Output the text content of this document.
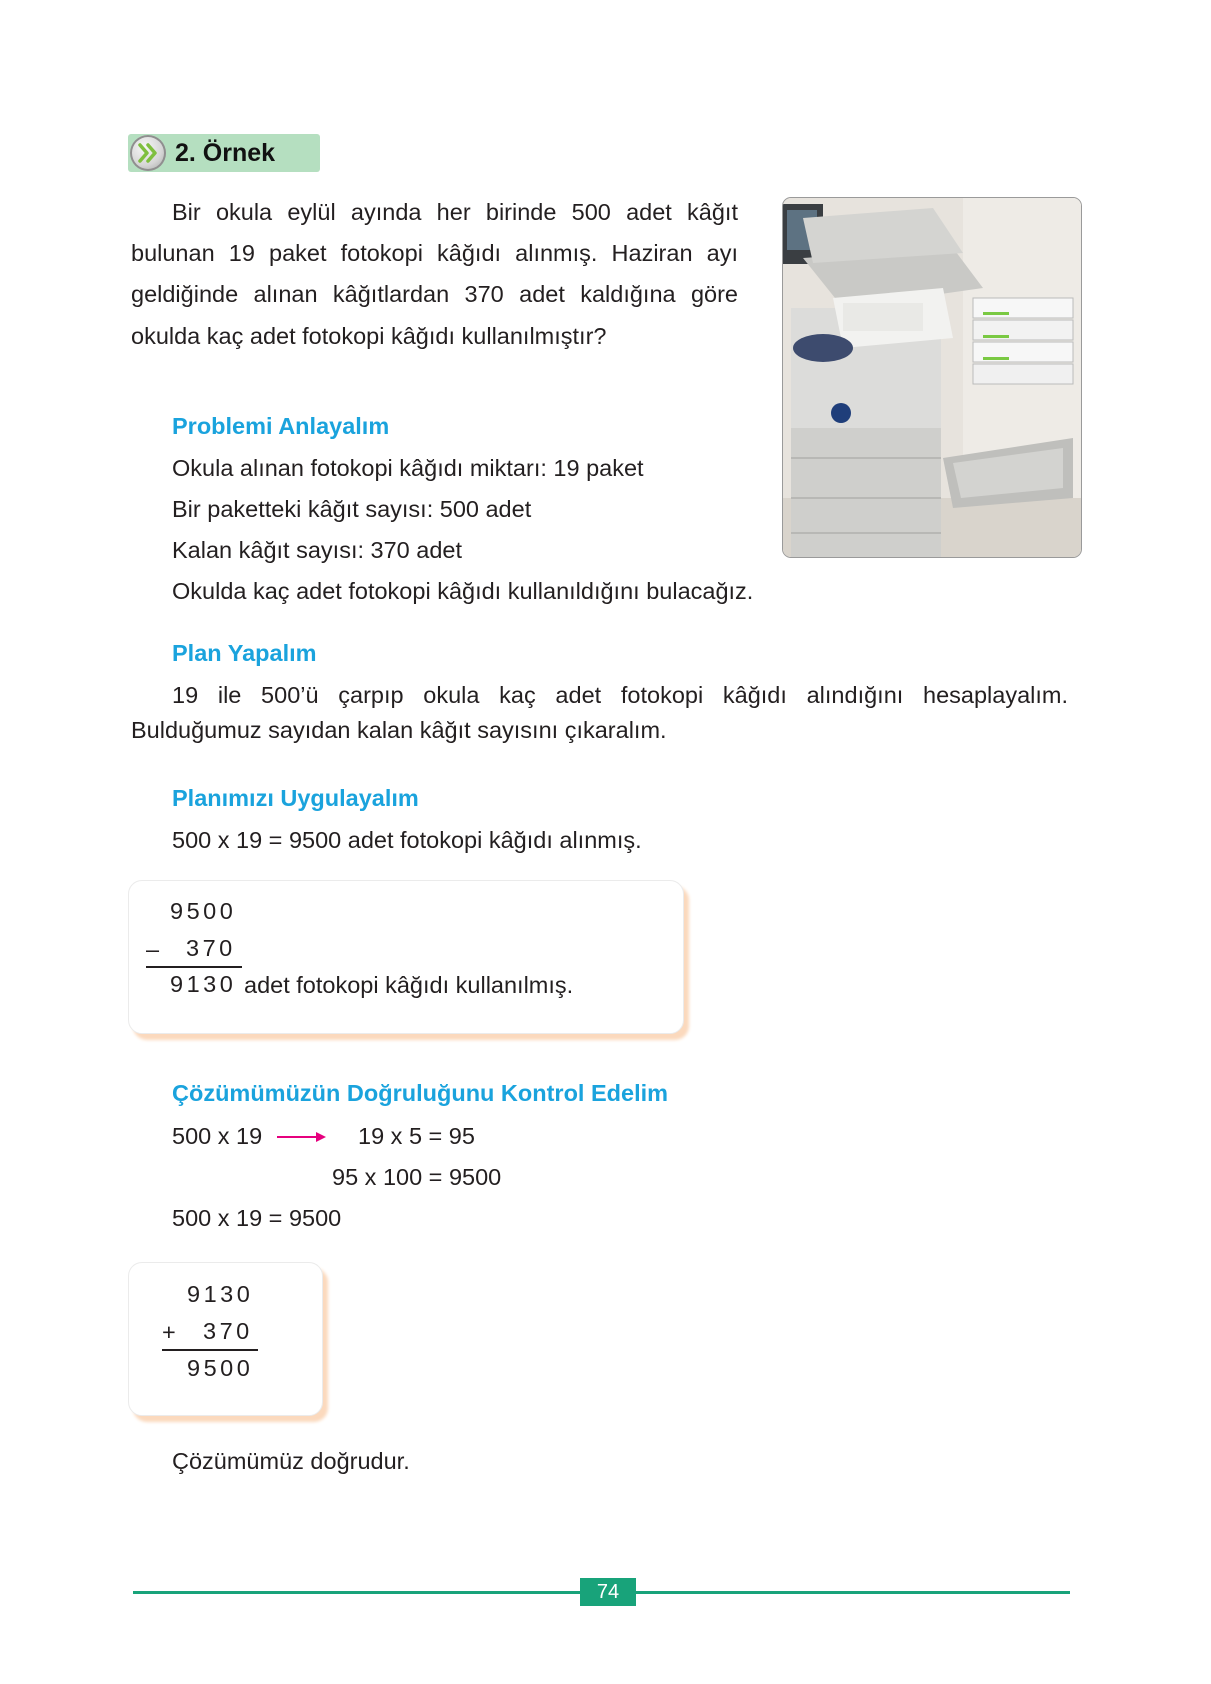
2. Örnek
Bir okula eylül ayında her birinde 500 adet kâğıt
bulunan 19 paket fotokopi kâğıdı alınmış. Haziran ayı
geldiğinde alınan kâğıtlardan 370 adet kaldığına göre
okulda kaç adet fotokopi kâğıdı kullanılmıştır?
Problemi Anlayalım
Okula alınan fotokopi kâğıdı miktarı: 19 paket
Bir paketteki kâğıt sayısı: 500 adet
Kalan kâğıt sayısı: 370 adet
Okulda kaç adet fotokopi kâğıdı kullanıldığını bulacağız.
Plan Yapalım
19 ile 500’ü çarpıp okula kaç adet fotokopi kâğıdı alındığını hesaplayalım.
Bulduğumuz sayıdan kalan kâğıt sayısını çıkaralım.
Planımızı Uygulayalım
500 x 19 = 9500 adet fotokopi kâğıdı alınmış.
9500
– 370
9130 adet fotokopi kâğıdı kullanılmış.
Çözümümüzün Doğruluğunu Kontrol Edelim
500 x 19	19 x 5 = 95
95 x 100 = 9500
500 x 19 = 9500
9130
+ 370
9500
Çözümümüz doğrudur.
74
